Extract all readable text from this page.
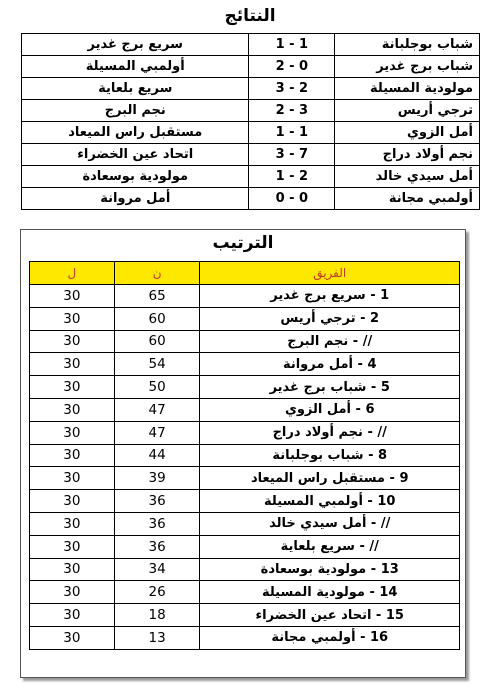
النتائج
شباب بوجلبانة	1 - 1	سريع برج غدير
شباب برج غدير	2 - 0	أولمبي المسيلة
مولودية المسيلة	3 - 2	سريع بلعاية
ترجي أريس	2 - 3	نجم البرج
أمل الزوي	1 - 1	مستقبل راس الميعاد
نجم أولاد دراج	3 - 7	اتحاد عين الخضراء
أمل سيدي خالد	1 - 2	مولودية بوسعادة
أولمبي مجانة	0 - 0	أمل مروانة
الترتيب
الفريق	ن	ل
1 - سريع برج غدير	65	30
2 - ترجي أريس	60	30
// - نجم البرج	60	30
4 - أمل مروانة	54	30
5 - شباب برج غدير	50	30
6 - أمل الزوي	47	30
// - نجم أولاد دراج	47	30
8 - شباب بوجلبانة	44	30
9 - مستقبل راس الميعاد	39	30
10 - أولمبي المسيلة	36	30
// - أمل سيدي خالد	36	30
// - سريع بلعاية	36	30
13 - مولودية بوسعادة	34	30
14 - مولودية المسيلة	26	30
15 - اتحاد عين الخضراء	18	30
16 - أولمبي مجانة	13	30
